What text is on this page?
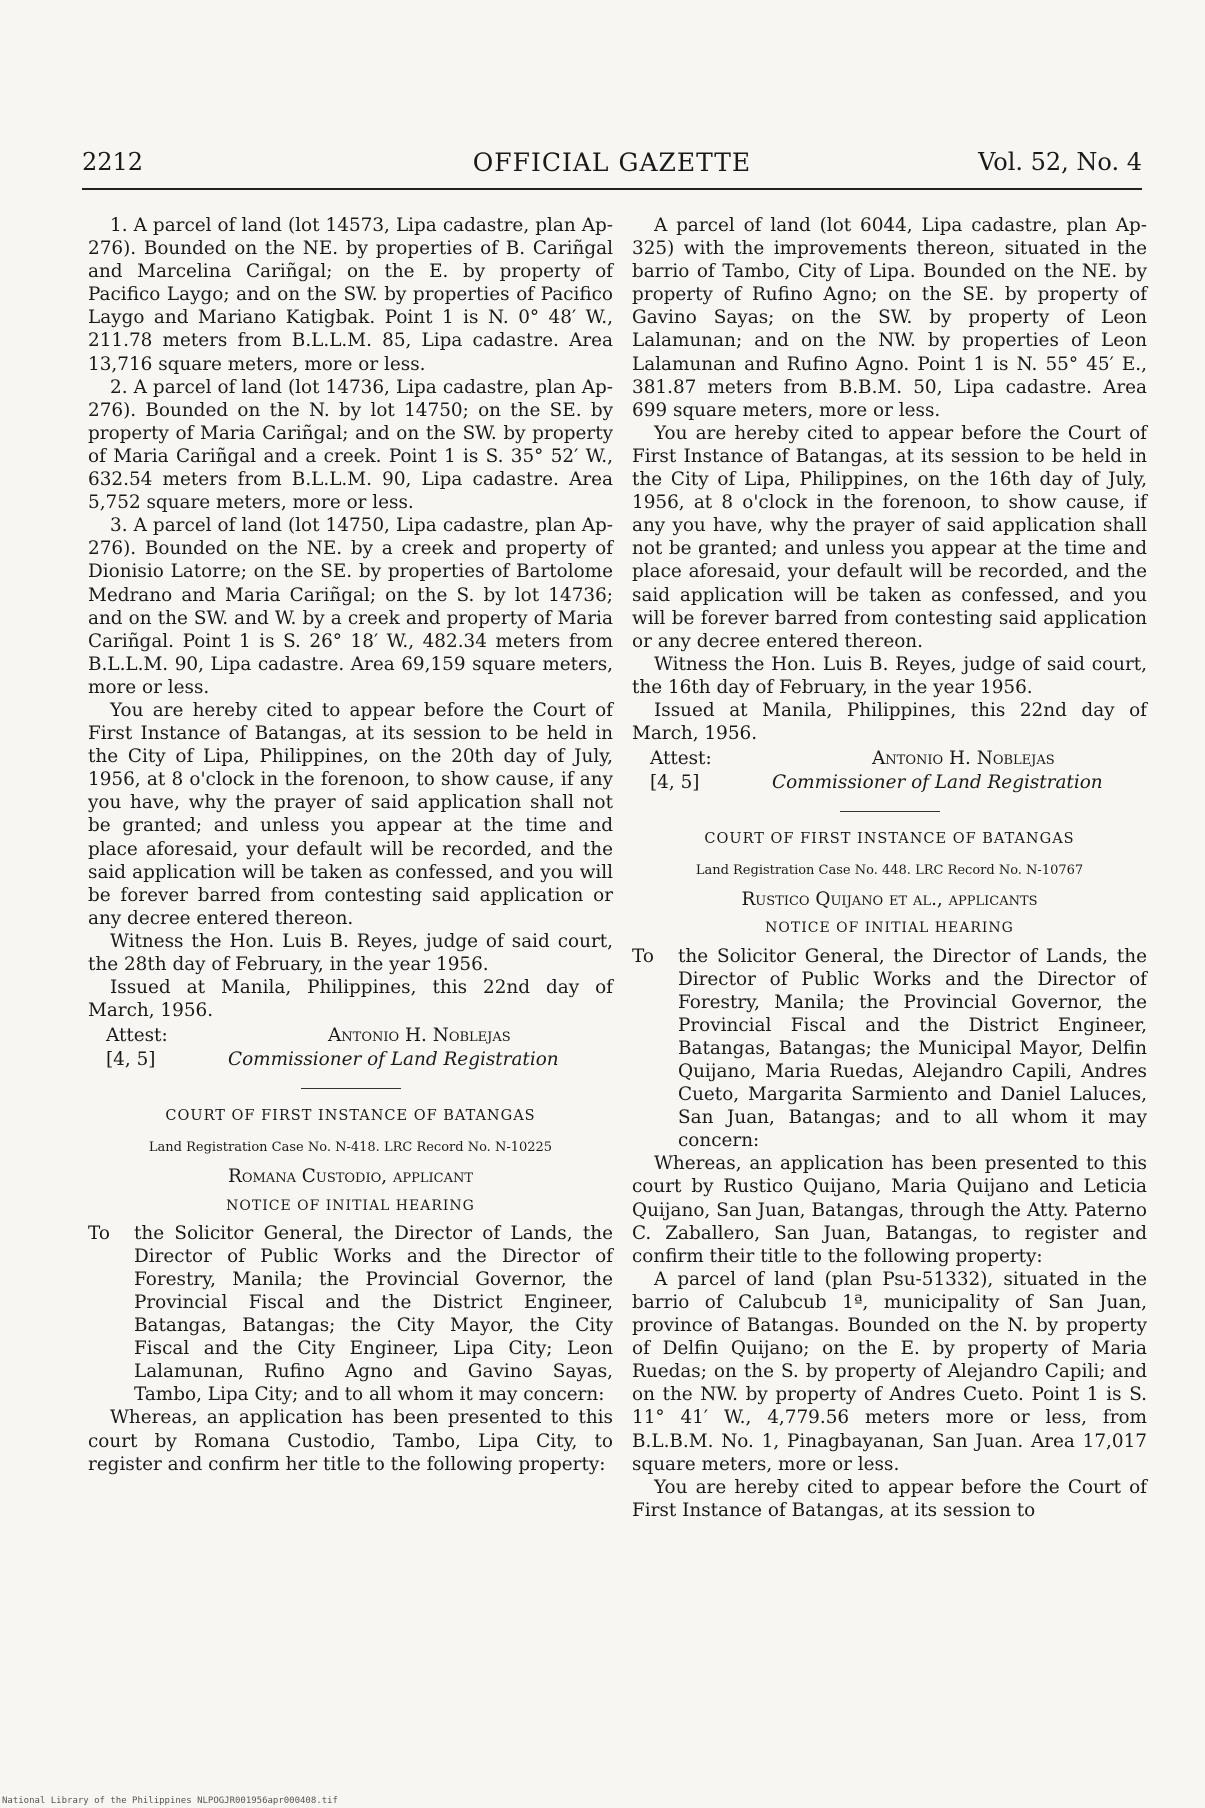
2212	OFFICIAL GAZETTE	Vol. 52, No. 4

1. A parcel of land (lot 14573, Lipa cadastre, plan Ap-276). Bounded on the NE. by properties of B. Cariñgal and Marcelina Cariñgal; on the E. by property of Pacifico Laygo; and on the SW. by properties of Pacifico Laygo and Mariano Katigbak. Point 1 is N. 0° 48′ W., 211.78 meters from B.L.L.M. 85, Lipa cadastre. Area 13,716 square meters, more or less.

2. A parcel of land (lot 14736, Lipa cadastre, plan Ap-276). Bounded on the N. by lot 14750; on the SE. by property of Maria Cariñgal; and on the SW. by property of Maria Cariñgal and a creek. Point 1 is S. 35° 52′ W., 632.54 meters from B.L.L.M. 90, Lipa cadastre. Area 5,752 square meters, more or less.

3. A parcel of land (lot 14750, Lipa cadastre, plan Ap-276). Bounded on the NE. by a creek and property of Dionisio Latorre; on the SE. by properties of Bartolome Medrano and Maria Cariñgal; on the S. by lot 14736; and on the SW. and W. by a creek and property of Maria Cariñgal. Point 1 is S. 26° 18′ W., 482.34 meters from B.L.L.M. 90, Lipa cadastre. Area 69,159 square meters, more or less.

You are hereby cited to appear before the Court of First Instance of Batangas, at its session to be held in the City of Lipa, Philippines, on the 20th day of July, 1956, at 8 o'clock in the forenoon, to show cause, if any you have, why the prayer of said application shall not be granted; and unless you appear at the time and place aforesaid, your default will be recorded, and the said application will be taken as confessed, and you will be forever barred from contesting said application or any decree entered thereon.

Witness the Hon. Luis B. Reyes, judge of said court, the 28th day of February, in the year 1956.

Issued at Manila, Philippines, this 22nd day of March, 1956.

Attest:
[4, 5]
Antonio H. Noblejas
Commissioner of Land Registration
COURT OF FIRST INSTANCE OF BATANGAS
Land Registration Case No. N-418. LRC Record No. N-10225
Romana Custodio, applicant
NOTICE OF INITIAL HEARING

To the Solicitor General, the Director of Lands, the Director of Public Works and the Director of Forestry, Manila; the Provincial Governor, the Provincial Fiscal and the District Engineer, Batangas, Batangas; the City Mayor, the City Fiscal and the City Engineer, Lipa City; Leon Lalamunan, Rufino Agno and Gavino Sayas, Tambo, Lipa City; and to all whom it may concern:

Whereas, an application has been presented to this court by Romana Custodio, Tambo, Lipa City, to register and confirm her title to the following property:

A parcel of land (lot 6044, Lipa cadastre, plan Ap-325) with the improvements thereon, situated in the barrio of Tambo, City of Lipa. Bounded on the NE. by property of Rufino Agno; on the SE. by property of Gavino Sayas; on the SW. by property of Leon Lalamunan; and on the NW. by properties of Leon Lalamunan and Rufino Agno. Point 1 is N. 55° 45′ E., 381.87 meters from B.B.M. 50, Lipa cadastre. Area 699 square meters, more or less.

You are hereby cited to appear before the Court of First Instance of Batangas, at its session to be held in the City of Lipa, Philippines, on the 16th day of July, 1956, at 8 o'clock in the forenoon, to show cause, if any you have, why the prayer of said application shall not be granted; and unless you appear at the time and place aforesaid, your default will be recorded, and the said application will be taken as confessed, and you will be forever barred from contesting said application or any decree entered thereon.

Witness the Hon. Luis B. Reyes, judge of said court, the 16th day of February, in the year 1956.

Issued at Manila, Philippines, this 22nd day of March, 1956.

Attest:
[4, 5]
Antonio H. Noblejas
Commissioner of Land Registration
COURT OF FIRST INSTANCE OF BATANGAS
Land Registration Case No. 448. LRC Record No. N-10767
Rustico Quijano et al., applicants
NOTICE OF INITIAL HEARING

To the Solicitor General, the Director of Lands, the Director of Public Works and the Director of Forestry, Manila; the Provincial Governor, the Provincial Fiscal and the District Engineer, Batangas, Batangas; the Municipal Mayor, Delfin Quijano, Maria Ruedas, Alejandro Capili, Andres Cueto, Margarita Sarmiento and Daniel Laluces, San Juan, Batangas; and to all whom it may concern:

Whereas, an application has been presented to this court by Rustico Quijano, Maria Quijano and Leticia Quijano, San Juan, Batangas, through the Atty. Paterno C. Zaballero, San Juan, Batangas, to register and confirm their title to the following property:

A parcel of land (plan Psu-51332), situated in the barrio of Calubcub 1ª, municipality of San Juan, province of Batangas. Bounded on the N. by property of Delfin Quijano; on the E. by property of Maria Ruedas; on the S. by property of Alejandro Capili; and on the NW. by property of Andres Cueto. Point 1 is S. 11° 41′ W., 4,779.56 meters more or less, from B.L.B.M. No. 1, Pinagbayanan, San Juan. Area 17,017 square meters, more or less.

You are hereby cited to appear before the Court of First Instance of Batangas, at its session to

National Library of the Philippines NLPOGJR001956apr000408.tif
